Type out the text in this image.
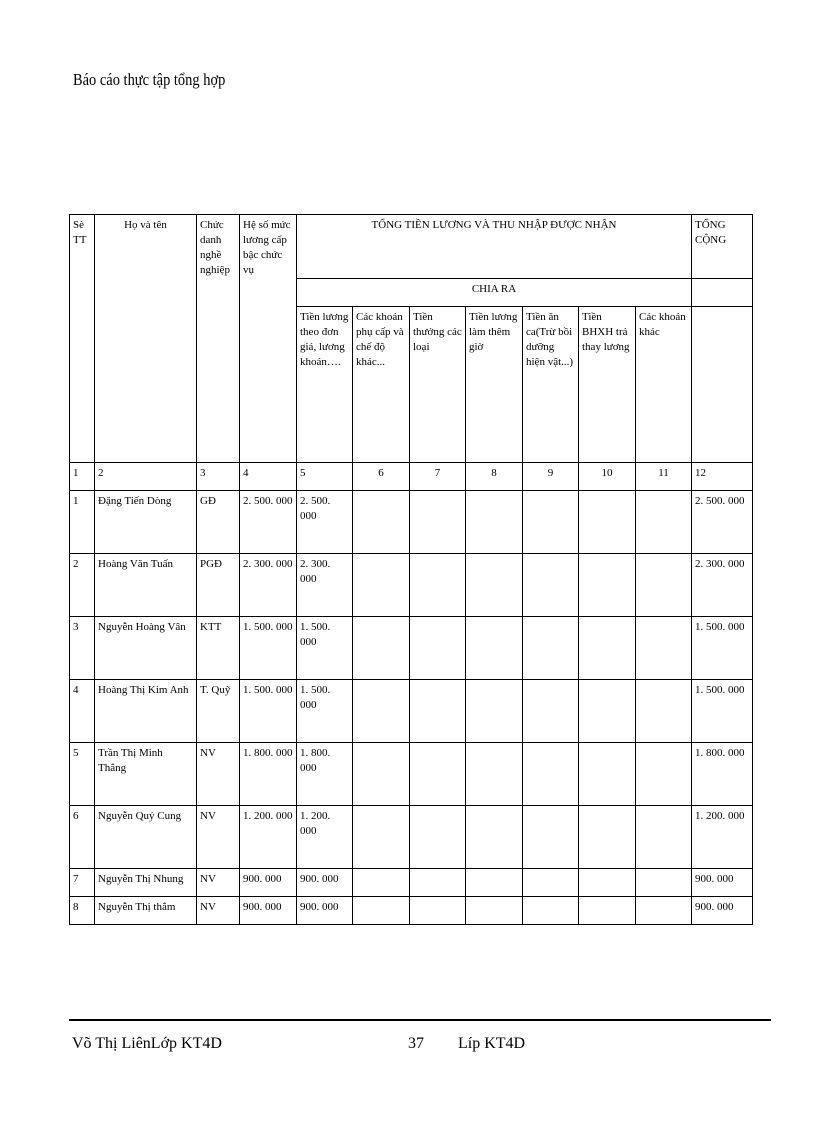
Báo cáo thực tập tổng hợp
Sè TT	Họ và tên	Chức danh nghề nghiệp	Hệ số mức lương cấp bậc chức vụ	TỔNG TIỀN LƯƠNG VÀ THU NHẬP ĐƯỢC NHẬN							TỔNG CỘNG
				CHIA RA							
				Tiền lương theo đơn giá, lương khoán….	Các khoản phụ cấp và chế độ khác...	Tiền thưởng các loại	Tiền lương làm thêm giờ	Tiền ăn ca(Trừ bồi dưỡng hiện vật...)	Tiền BHXH trả thay lương	Các khoản khác	
1	2	3	4	5	6	7	8	9	10	11	12
1	Đặng Tiến Dòng	GĐ	2. 500. 000	2. 500. 000							2. 500. 000
2	Hoàng Văn Tuấn	PGĐ	2. 300. 000	2. 300. 000							2. 300. 000
3	Nguyễn Hoàng Vân	KTT	1. 500. 000	1. 500. 000							1. 500. 000
4	Hoàng Thị Kim Anh	T. Quỹ	1. 500. 000	1. 500. 000							1. 500. 000
5	Trần Thị Minh Thắng	NV	1. 800. 000	1. 800. 000							1. 800. 000
6	Nguyễn Quý Cung	NV	1. 200. 000	1. 200. 000							1. 200. 000
7	Nguyễn Thị Nhung	NV	900. 000	900. 000							900. 000
8	Nguyễn Thị thắm	NV	900. 000	900. 000							900. 000
Võ Thị LiênLớp KT4D	37 Líp KT4D
